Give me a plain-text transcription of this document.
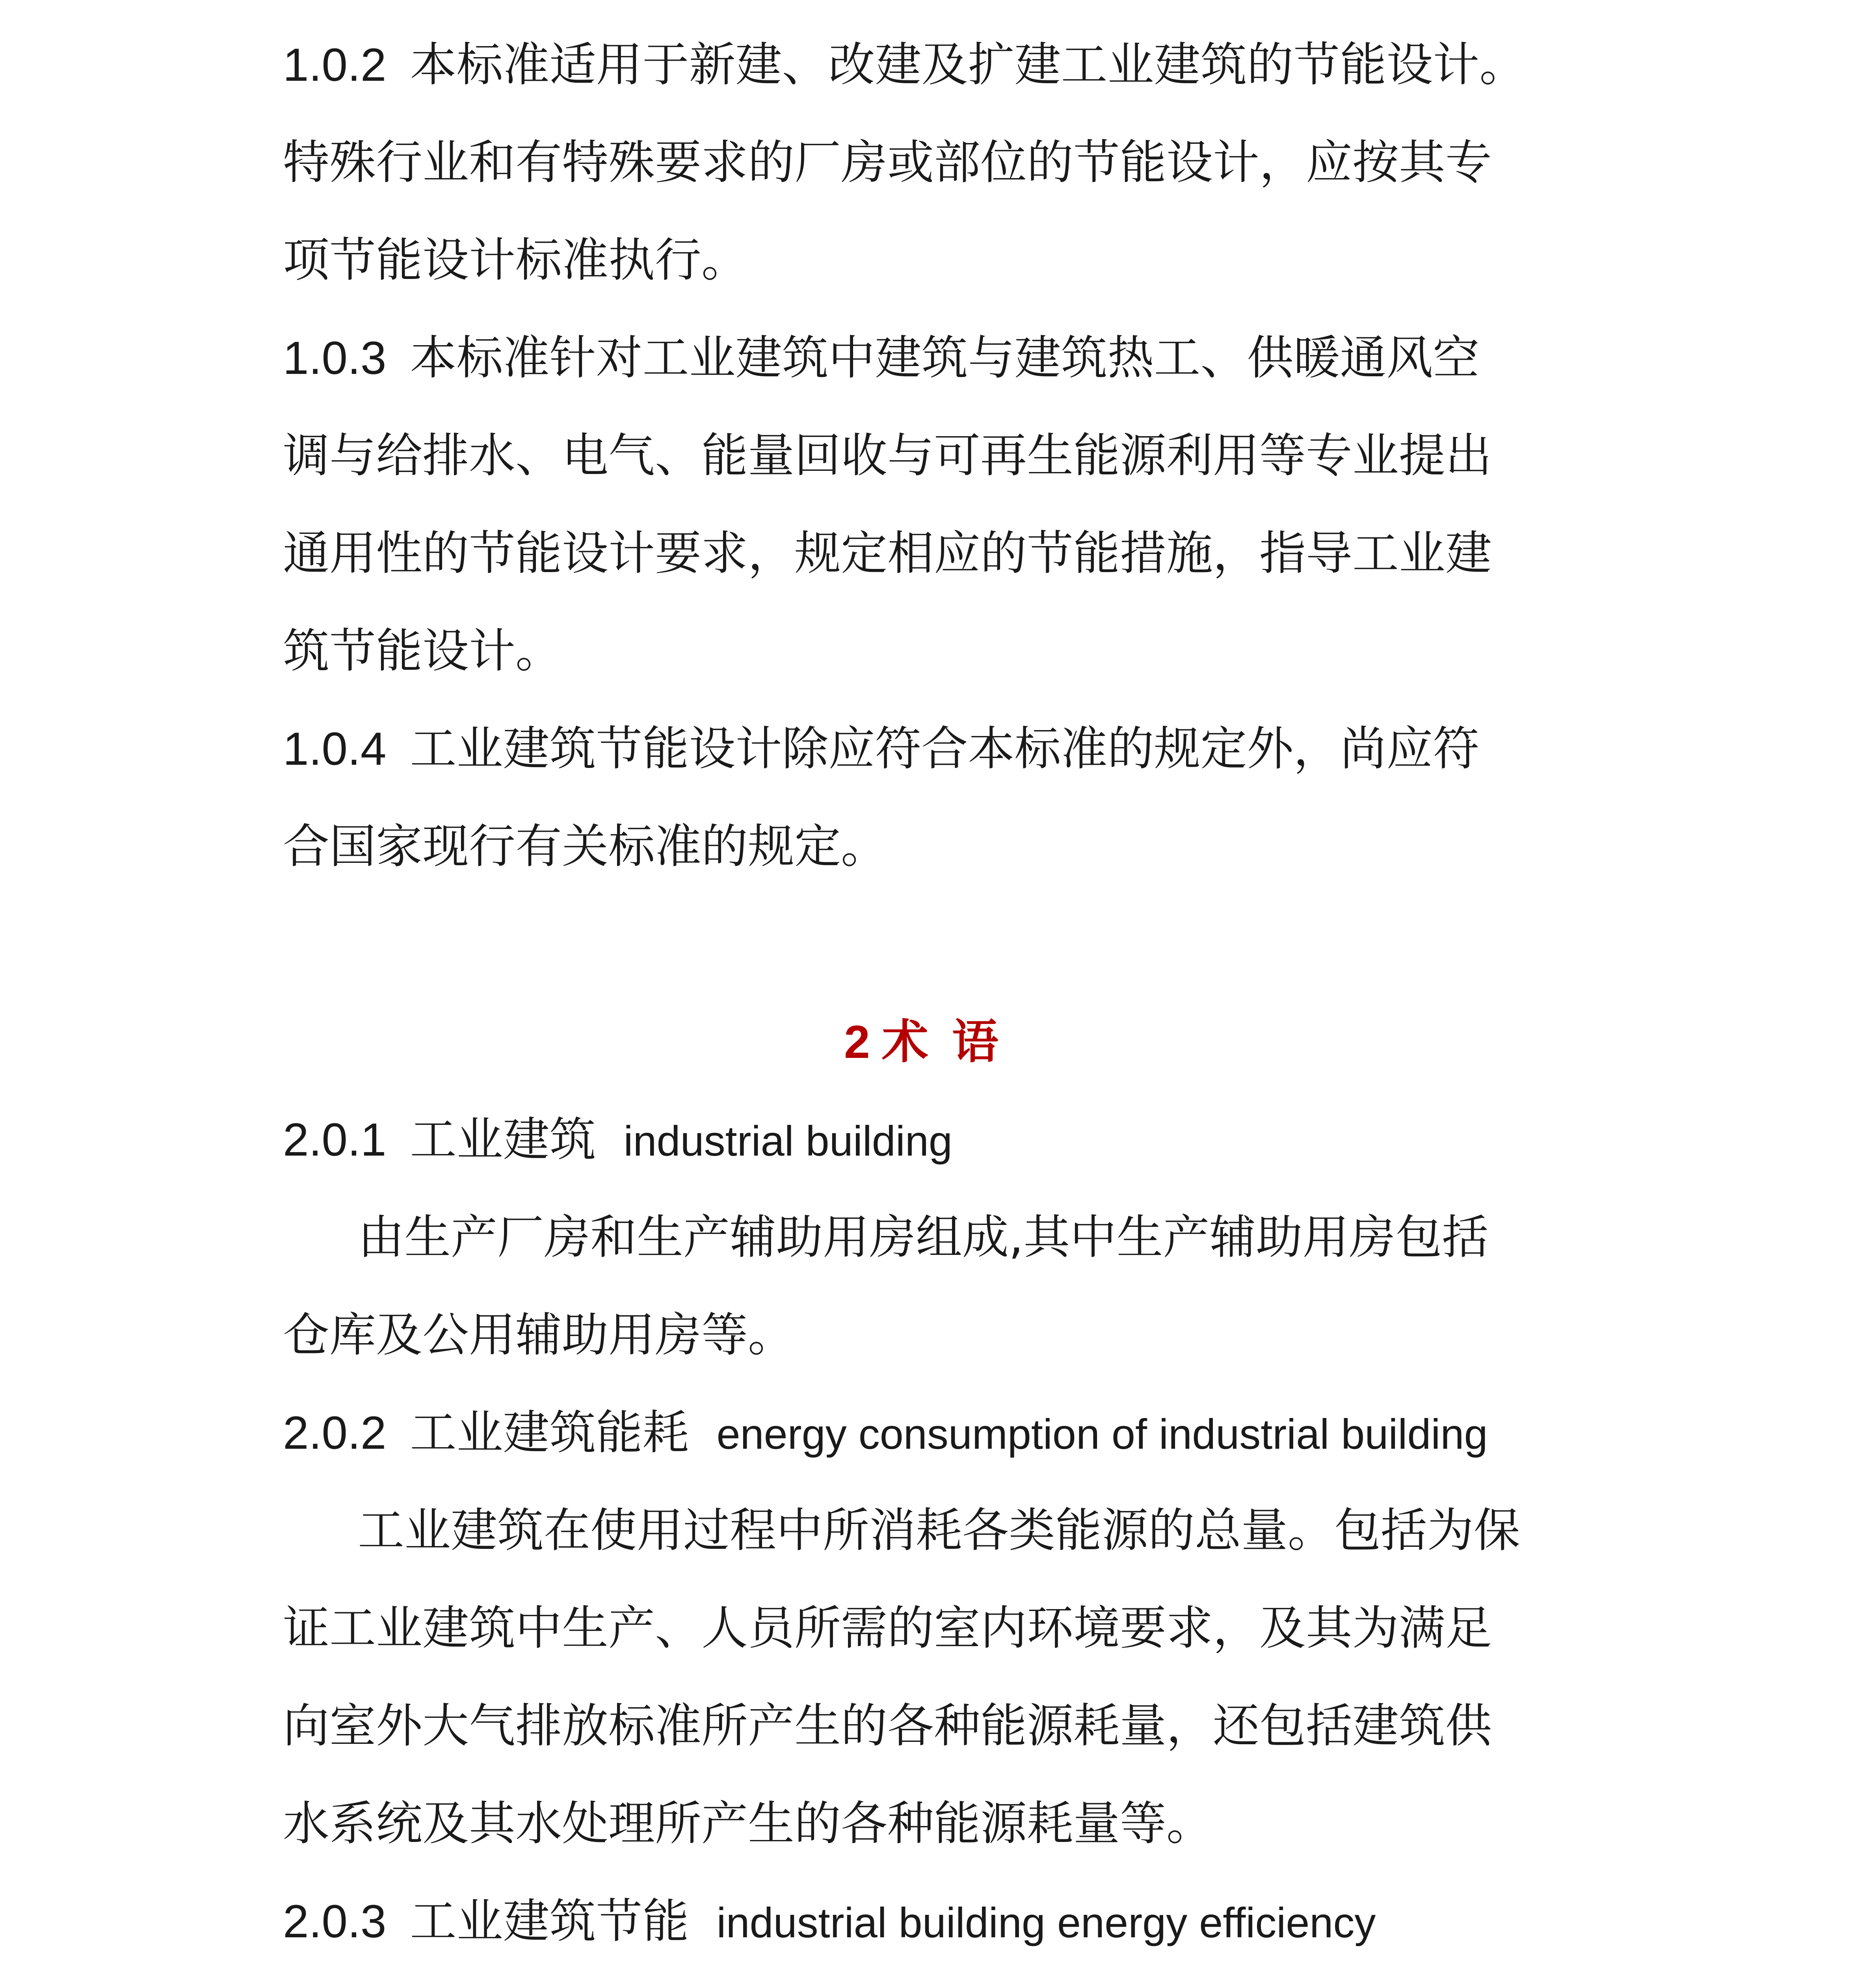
1.0.2 本标准适用于新建、改建及扩建工业建筑的节能设计。
特殊行业和有特殊要求的厂房或部位的节能设计，应按其专
项节能设计标准执行。
1.0.3 本标准针对工业建筑中建筑与建筑热工、供暖通风空
调与给排水、电气、能量回收与可再生能源利用等专业提出
通用性的节能设计要求，规定相应的节能措施，指导工业建
筑节能设计。
1.0.4 工业建筑节能设计除应符合本标准的规定外，尚应符
合国家现行有关标准的规定。
2 术语
2.0.1 工业建筑 industrial building
由生产厂房和生产辅助用房组成,其中生产辅助用房包括
仓库及公用辅助用房等。
2.0.2 工业建筑能耗 energy consumption of industrial building
工业建筑在使用过程中所消耗各类能源的总量。包括为保
证工业建筑中生产、人员所需的室内环境要求，及其为满足
向室外大气排放标准所产生的各种能源耗量，还包括建筑供
水系统及其水处理所产生的各种能源耗量等。
2.0.3 工业建筑节能 industrial building energy efficiency
